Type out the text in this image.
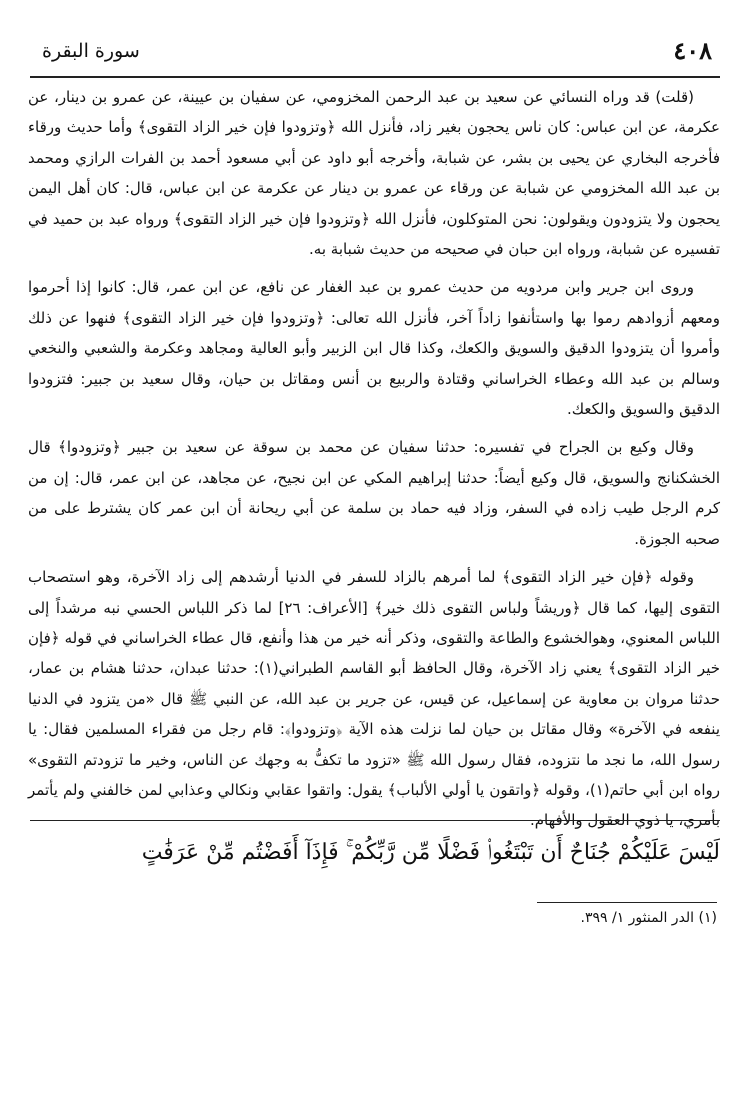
٤٠٨
سورة البقرة

(قلت) قد وراه النسائي عن سعيد بن عبد الرحمن المخزومي، عن سفيان بن عيينة، عن عمرو بن دينار، عن عكرمة، عن ابن عباس: كان ناس يحجون بغير زاد، فأنزل الله ﴿وتزودوا فإن خير الزاد التقوى﴾ وأما حديث ورقاء فأخرجه البخاري عن يحيى بن بشر، عن شبابة، وأخرجه أبو داود عن أبي مسعود أحمد بن الفرات الرازي ومحمد بن عبد الله المخزومي عن شبابة عن ورقاء عن عمرو بن دينار عن عكرمة عن ابن عباس، قال: كان أهل اليمن يحجون ولا يتزودون ويقولون: نحن المتوكلون، فأنزل الله ﴿وتزودوا فإن خير الزاد التقوى﴾ ورواه عبد بن حميد في تفسيره عن شبابة، ورواه ابن حبان في صحيحه من حديث شبابة به.

وروى ابن جرير وابن مردويه من حديث عمرو بن عبد الغفار عن نافع، عن ابن عمر، قال: كانوا إذا أحرموا ومعهم أزوادهم رموا بها واستأنفوا زاداً آخر، فأنزل الله تعالى: ﴿وتزودوا فإن خير الزاد التقوى﴾ فنهوا عن ذلك وأمروا أن يتزودوا الدقيق والسويق والكعك، وكذا قال ابن الزبير وأبو العالية ومجاهد وعكرمة والشعبي والنخعي وسالم بن عبد الله وعطاء الخراساني وقتادة والربيع بن أنس ومقاتل بن حيان، وقال سعيد بن جبير: فتزودوا الدقيق والسويق والكعك.

وقال وكيع بن الجراح في تفسيره: حدثنا سفيان عن محمد بن سوقة عن سعيد بن جبير ﴿وتزودوا﴾ قال الخشكنانج والسويق، قال وكيع أيضاً: حدثنا إبراهيم المكي عن ابن نجيح، عن مجاهد، عن ابن عمر، قال: إن من كرم الرجل طيب زاده في السفر، وزاد فيه حماد بن سلمة عن أبي ريحانة أن ابن عمر كان يشترط على من صحبه الجوزة.

وقوله ﴿فإن خير الزاد التقوى﴾ لما أمرهم بالزاد للسفر في الدنيا أرشدهم إلى زاد الآخرة، وهو استصحاب التقوى إليها، كما قال ﴿وريشاً ولباس التقوى ذلك خير﴾ [الأعراف: ٢٦] لما ذكر اللباس الحسي نبه مرشداً إلى اللباس المعنوي، وهوالخشوع والطاعة والتقوى، وذكر أنه خير من هذا وأنفع، قال عطاء الخراساني في قوله ﴿فإن خير الزاد التقوى﴾ يعني زاد الآخرة، وقال الحافظ أبو القاسم الطبراني(١): حدثنا عبدان، حدثنا هشام بن عمار، حدثنا مروان بن معاوية عن إسماعيل، عن قيس، عن جرير بن عبد الله، عن النبي ﷺ قال «من يتزود في الدنيا ينفعه في الآخرة» وقال مقاتل بن حيان لما نزلت هذه الآية ﴿وتزودوا﴾: قام رجل من فقراء المسلمين فقال: يا رسول الله، ما نجد ما نتزوده، فقال رسول الله ﷺ «تزود ما تكفُّ به وجهك عن الناس، وخير ما تزودتم التقوى» رواه ابن أبي حاتم(١)، وقوله ﴿واتقون يا أولي الألباب﴾ يقول: واتقوا عقابي ونكالي وعذابي لمن خالفني ولم يأتمر بأمري، يا ذوي العقول والأفهام.

لَيْسَ عَلَيْكُمْ جُنَاحٌ أَن تَبْتَغُوا۟ فَضْلًا مِّن رَّبِّكُمْ ۚ فَإِذَآ أَفَضْتُم مِّنْ عَرَفَٰتٍ
(١) الدر المنثور ١/ ٣٩٩.
